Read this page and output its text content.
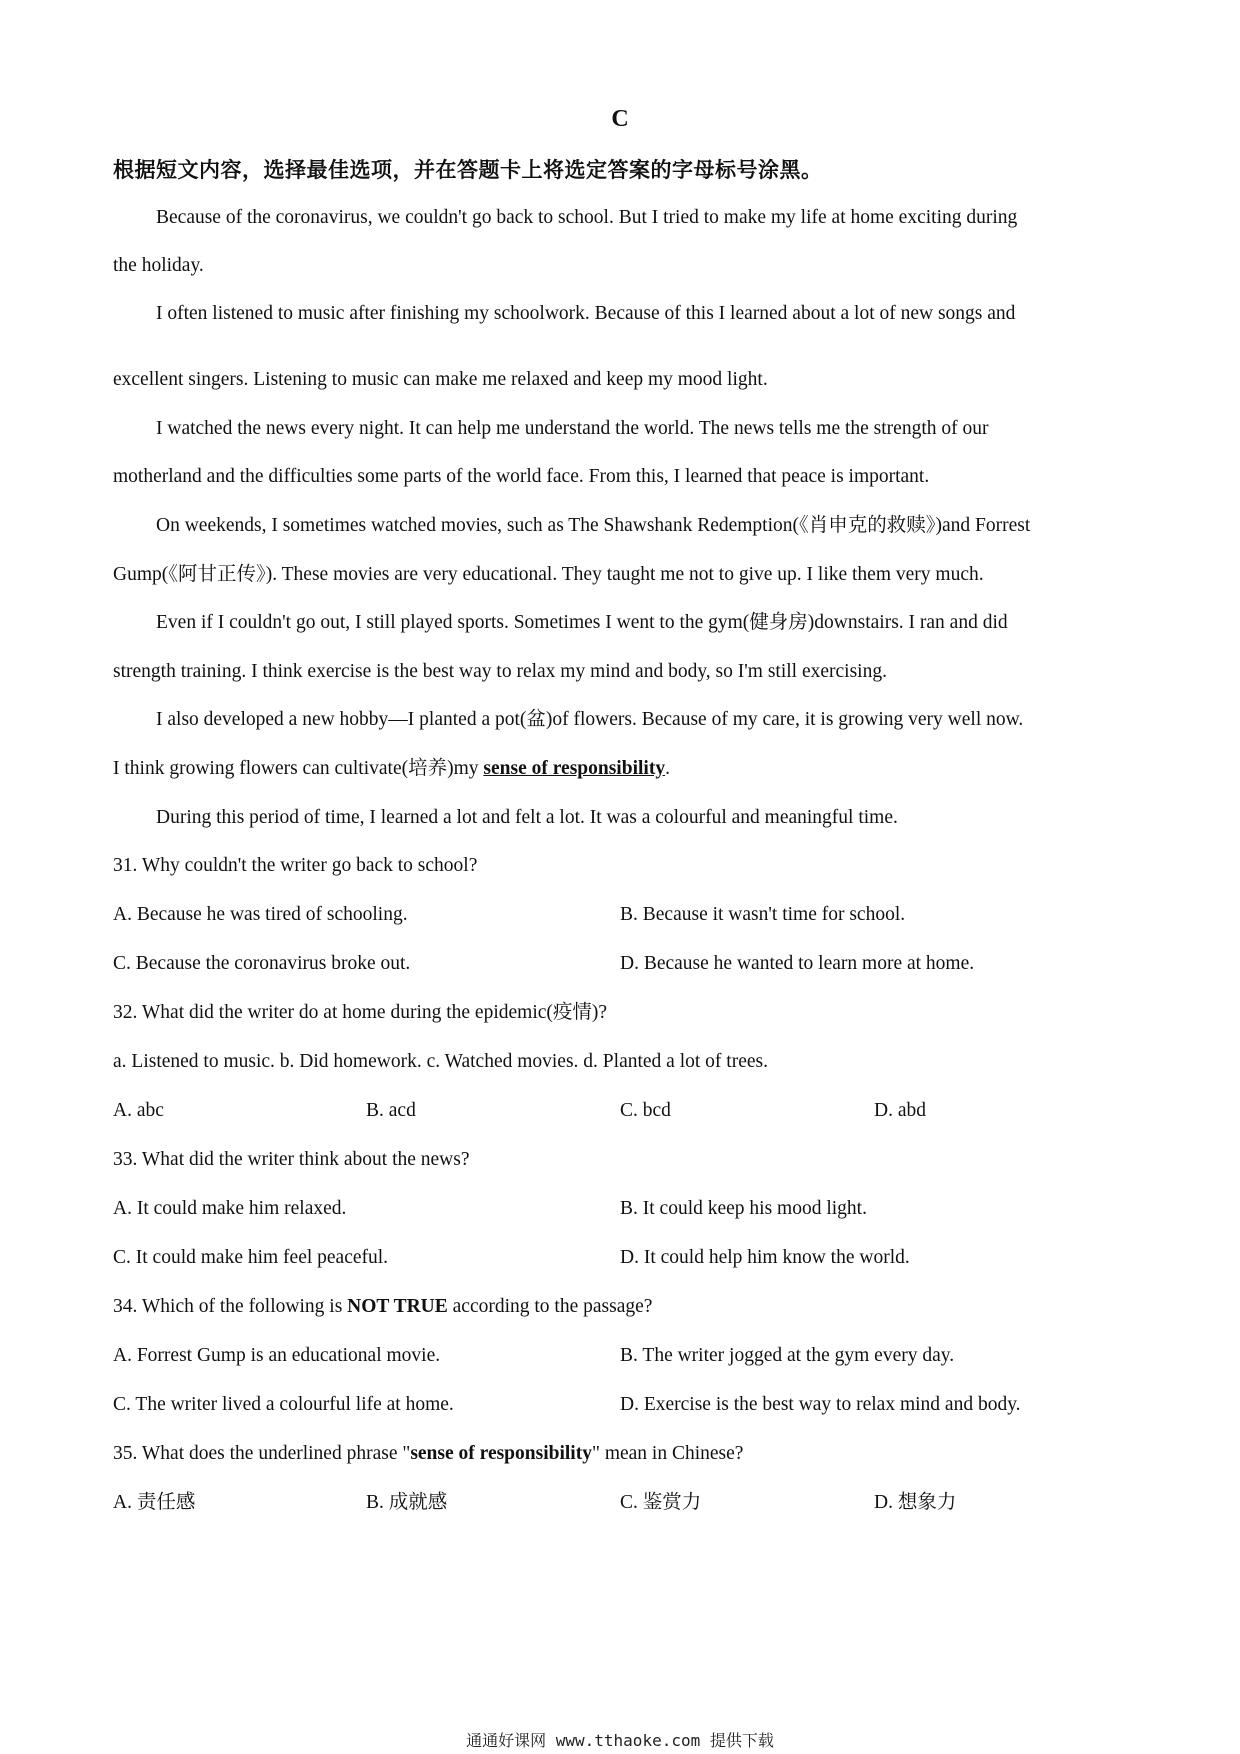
C
根据短文内容，选择最佳选项，并在答题卡上将选定答案的字母标号涂黑。
Because of the coronavirus, we couldn't go back to school. But I tried to make my life at home exciting during
the holiday.
I often listened to music after finishing my schoolwork. Because of this I learned about a lot of new songs and
excellent singers. Listening to music can make me relaxed and keep my mood light.
I watched the news every night. It can help me understand the world. The news tells me the strength of our
motherland and the difficulties some parts of the world face. From this, I learned that peace is important.
On weekends, I sometimes watched movies, such as The Shawshank Redemption(《肖申克的救赎》)and Forrest
Gump(《阿甘正传》). These movies are very educational. They taught me not to give up. I like them very much.
Even if I couldn't go out, I still played sports. Sometimes I went to the gym(健身房)downstairs. I ran and did
strength training. I think exercise is the best way to relax my mind and body, so I'm still exercising.
I also developed a new hobby—I planted a pot(盆)of flowers. Because of my care, it is growing very well now.
I think growing flowers can cultivate(培养)my sense of responsibility.
During this period of time, I learned a lot and felt a lot. It was a colourful and meaningful time.
31. Why couldn't the writer go back to school?
A. Because he was tired of schooling.	B. Because it wasn't time for school.
C. Because the coronavirus broke out.	D. Because he wanted to learn more at home.
32. What did the writer do at home during the epidemic(疫情)?
a. Listened to music. b. Did homework. c. Watched movies. d. Planted a lot of trees.
A. abc	B. acd	C. bcd	D. abd
33. What did the writer think about the news?
A. It could make him relaxed.	B. It could keep his mood light.
C. It could make him feel peaceful.	D. It could help him know the world.
34. Which of the following is NOT TRUE according to the passage?
A. Forrest Gump is an educational movie.	B. The writer jogged at the gym every day.
C. The writer lived a colourful life at home.	D. Exercise is the best way to relax mind and body.
35. What does the underlined phrase "sense of responsibility" mean in Chinese?
A. 责任感	B. 成就感	C. 鉴赏力	D. 想象力
通通好课网 www.tthaoke.com 提供下载
